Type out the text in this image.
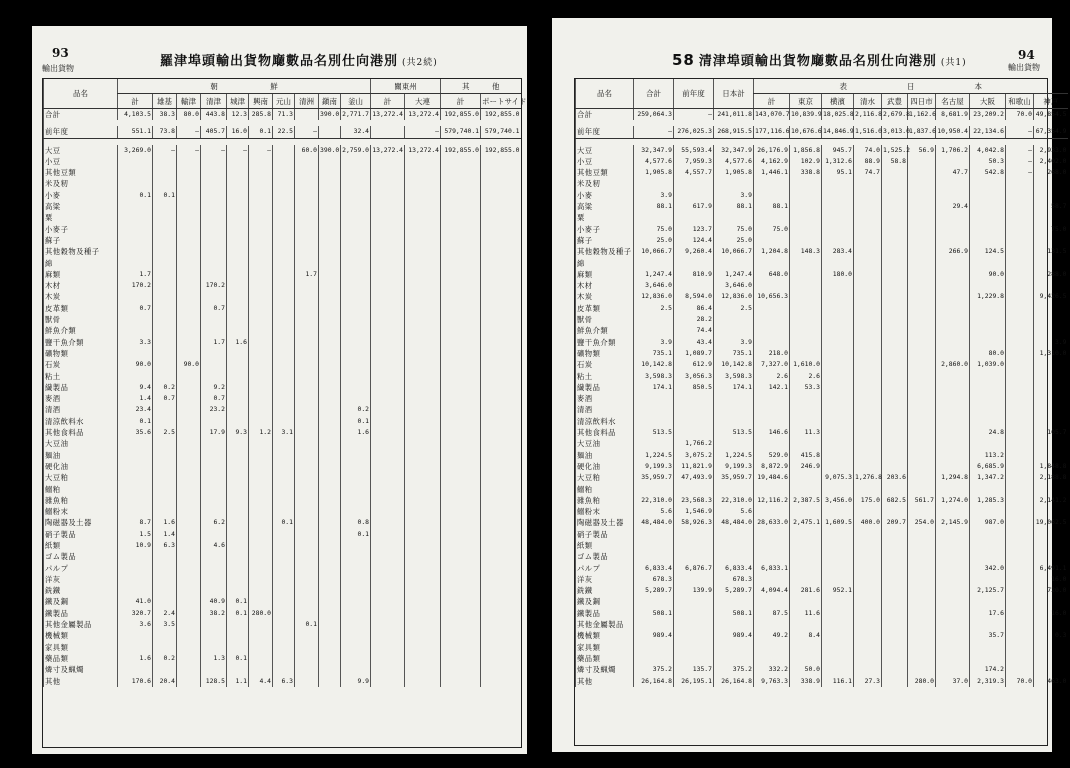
93
輸出貨物	羅津埠頭輸出貨物廰數品名別仕向港別 (共2続)
品名	朝　　　　　　　鮮										關東州		其　　　他	
	計	雄基	輸津	清津	城津	興南	元山	清洲	鎭南	釜山	計	大連	計	ポートサイド
合計	4,103.5	38.3	80.0	443.8	12.3	285.8	71.3		390.0	2,771.7	13,272.4	13,272.4	192,855.0	192,855.0

前年度	551.1	73.8	—	405.7	16.0	0.1	22.5	—		32.4		—	579,740.1	579,740.1

大豆	3,269.0	—	—	—	—	—		60.0	390.0	2,759.0	13,272.4	13,272.4	192,855.0	192,855.0
小豆														
其他豆類														
米及籾														
小麥	0.1	0.1												
高粱														
粟														
小麥子														
蘇子														
其他穀物及種子														
綿														
麻類	1.7							1.7						
木材	170.2			170.2										
木炭														
皮革類	0.7			0.7										
獸骨														
鮮魚介類														
鹽干魚介類	3.3			1.7	1.6									
礦物類														
石炭	90.0		90.0											
粘土														
繊製品	9.4	0.2		9.2										
麥酒	1.4	0.7		0.7										
清酒	23.4			23.2						0.2				
清涼飲料水	0.1									0.1				
其他食料品	35.6	2.5		17.9	9.3	1.2	3.1			1.6				
大豆油														
麺油														
硬化油														
大豆粕														
鰯粕														
雜魚粕														
鰯粉末														
陶磁器及土器	8.7	1.6		6.2			0.1			0.8				
硝子製品	1.5	1.4								0.1				
紙類	10.9	6.3		4.6										
ゴム製品														
パルプ														
洋灰														
銑鐵														
鐵及鋼	41.0			40.9	0.1									
鐵製品	320.7	2.4		38.2	0.1	280.0								
其他金屬製品	3.6	3.5						0.1						
機械類														
家具類														
藥品類	1.6	0.2		1.3	0.1									
燐寸及蝋燭														
其他	170.6	20.4		128.5	1.1	4.4	6.3			9.9				
58 清津埠頭輸出貨物廰數品名別仕向港別 (共1)
94
輸出貨物
品名	合計	前年度	日本計	表　　　　　　　　日　　　　　　　　本									
				計	東京	横濱	清水	武豊	四日市	名古屋	大阪	和歌山	神戸
合計	259,064.3	—	241,011.8	143,070.7	10,839.9	18,025.8	2,116.8	2,679.8	1,162.6	8,681.9	23,209.2	70.0	49,854.5

前年度	—	276,025.3	268,915.5	177,116.6	10,676.6	14,846.9	1,516.0	3,013.0	1,837.6	10,950.4	22,134.6	—	67,354.9

大豆	32,347.9	55,593.4	32,347.9	26,176.9	1,856.8	945.7	74.0	1,525.2	56.9	1,706.2	4,042.8	—	2,933.0
小豆	4,577.6	7,959.3	4,577.6	4,162.9	102.9	1,312.6	88.9	58.8			50.3	—	2,402.0
其他豆類	1,905.8	4,557.7	1,905.8	1,446.1	338.8	95.1	74.7			47.7	542.8	—	268.0
米及籾													
小麥	3.9		3.9										
高粱	88.1	617.9	88.1	88.1						29.4			58.7
粟													
小麥子	75.0	123.7	75.0	75.0									75.0
蘇子	25.0	124.4	25.0										
其他穀物及種子	10,066.7	9,260.4	10,066.7	1,204.8	148.3	283.4				266.9	124.5		131.5
綿													
麻類	1,247.4	810.9	1,247.4	648.0		180.0					90.0		288.0
木材	3,646.0		3,646.0										
木炭	12,836.0	8,594.0	12,836.0	10,656.3							1,229.8		9,426.5
皮革類	2.5	86.4	2.5										
獸骨		28.2											
鮮魚介類		74.4											
鹽干魚介類	3.9	43.4	3.9										3.9
礦物類	735.1	1,089.7	735.1	218.0							80.0		1,310.0
石炭	10,142.8	612.9	10,142.8	7,327.0	1,610.0					2,860.0	1,039.0		
粘土	3,598.3	3,056.3	3,598.3	2.6	2.6								
繊製品	174.1	850.5	174.1	142.1	53.3								
麥酒													
清酒													
清涼飲料水													
其他食料品	513.5		513.5	146.6	11.3						24.8		105.7
大豆油		1,766.2											
麺油	1,224.5	3,075.2	1,224.5	529.0	415.8						113.2		
硬化油	9,199.3	11,821.9	9,199.3	8,872.9	246.9						6,685.9		1,848.8
大豆粕	35,959.7	47,493.9	35,959.7	19,484.6		9,075.3	1,276.8	203.6		1,294.8	1,347.2		2,188.8
鰯粕													
雜魚粕	22,310.0	23,568.3	22,310.0	12,116.2	2,387.5	3,456.0	175.0	682.5	561.7	1,274.0	1,285.3		2,141.2
鰯粉末	5.6	1,546.9	5.6										
陶磁器及土器	48,484.0	58,926.3	48,484.0	28,633.0	2,475.1	1,609.5	400.0	209.7	254.0	2,145.9	987.0		19,062.5
硝子製品													
紙類													
ゴム製品													
パルプ	6,833.4	6,876.7	6,833.4	6,833.1							342.0		6,491.1
洋灰	678.3		678.3										16.0
銑鐵	5,289.7	139.9	5,289.7	4,094.4	281.6	952.1					2,125.7		720.0
鐵及鋼													
鐵製品	508.1		508.1	87.5	11.6						17.6		16.0
其他金屬製品													
機械類	989.4		989.4	49.2	8.4						35.7		0.3
家具類													
藥品類													
燐寸及蝋燭	375.2	135.7	375.2	332.2	50.0						174.2		
其他	26,164.8	26,195.1	26,164.8	9,763.3	338.9	116.1	27.3		280.0	37.0	2,319.3	70.0	463.0
